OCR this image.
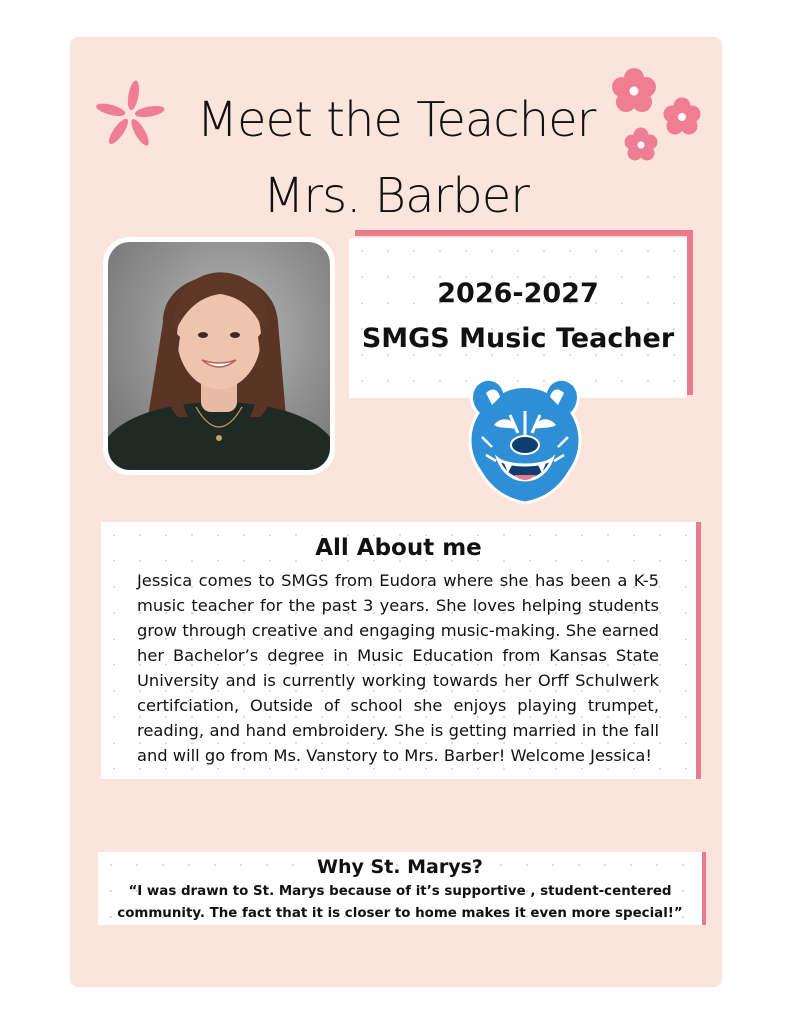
Meet the Teacher
Mrs. Barber
2026-2027
SMGS Music Teacher
All About me

Jessica comes to SMGS from Eudora where she has been a K-5 music teacher for the past 3 years. She loves helping students grow through creative and engaging music-making. She earned her Bachelor’s degree in Music Education from Kansas State University and is currently working towards her Orff Schulwerk certifciation, Outside of school she enjoys playing trumpet, reading, and hand embroidery. She is getting married in the fall and will go from Ms. Vanstory to Mrs. Barber! Welcome Jessica!

Why St. Marys?

“I was drawn to St. Marys because of it’s supportive , student-centered community. The fact that it is closer to home makes it even more special!”
